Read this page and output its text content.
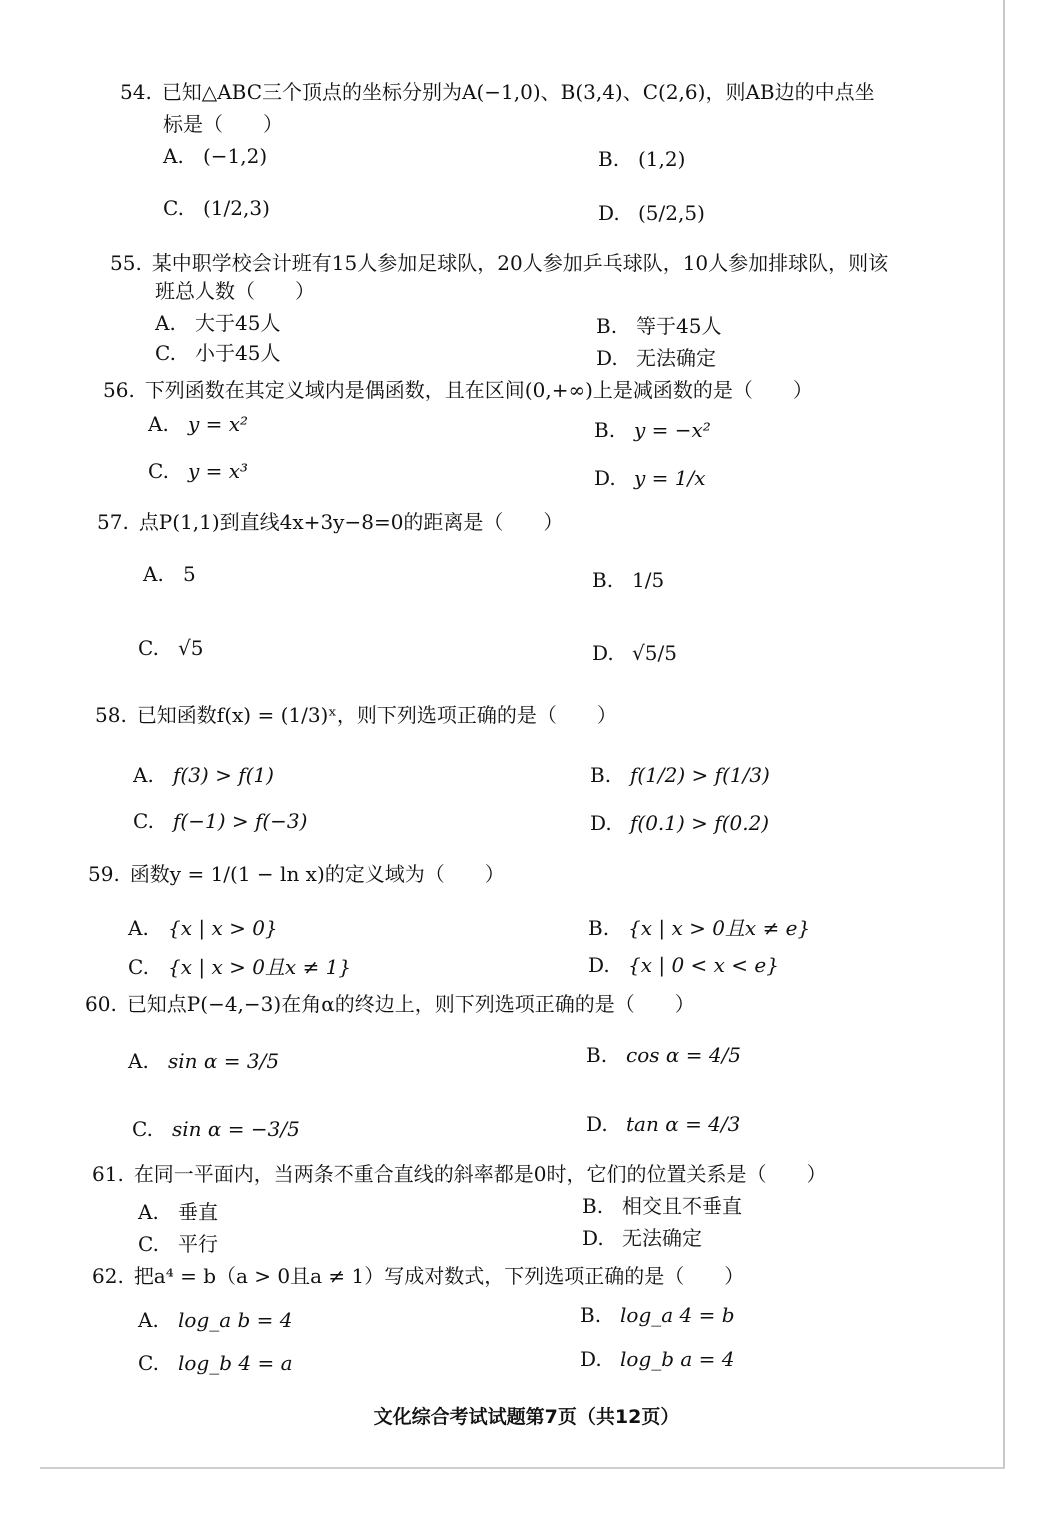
54. 已知△ABC三个顶点的坐标分别为A(−1,0)、B(3,4)、C(2,6)，则AB边的中点坐
标是（　　）
A. (−1,2)	B. (1,2)
C. (1/2,3)	D. (5/2,5)
55. 某中职学校会计班有15人参加足球队，20人参加乒乓球队，10人参加排球队，则该
班总人数（　　）
A. 大于45人	B. 等于45人
C. 小于45人	D. 无法确定
56. 下列函数在其定义域内是偶函数，且在区间(0,+∞)上是减函数的是（　　）
A. y = x²	B. y = −x²
C. y = x³	D. y = 1/x
57. 点P(1,1)到直线4x+3y−8=0的距离是（　　）
A. 5	B. 1/5
C. √5	D. √5/5
58. 已知函数f(x) = (1/3)ˣ，则下列选项正确的是（　　）
A. f(3) > f(1)	B. f(1/2) > f(1/3)
C. f(−1) > f(−3)	D. f(0.1) > f(0.2)
59. 函数y = 1/(1 − ln x)的定义域为（　　）
A. {x | x > 0}	B. {x | x > 0且x ≠ e}
C. {x | x > 0且x ≠ 1}	D. {x | 0 < x < e}
60. 已知点P(−4,−3)在角α的终边上，则下列选项正确的是（　　）
A. sin α = 3/5	B. cos α = 4/5
C. sin α = −3/5	D. tan α = 4/3
61. 在同一平面内，当两条不重合直线的斜率都是0时，它们的位置关系是（　　）
A. 垂直	B. 相交且不垂直
C. 平行	D. 无法确定
62. 把a⁴ = b（a > 0且a ≠ 1）写成对数式，下列选项正确的是（　　）
A. log_a b = 4	B. log_a 4 = b
C. log_b 4 = a	D. log_b a = 4
文化综合考试试题第7页（共12页）
